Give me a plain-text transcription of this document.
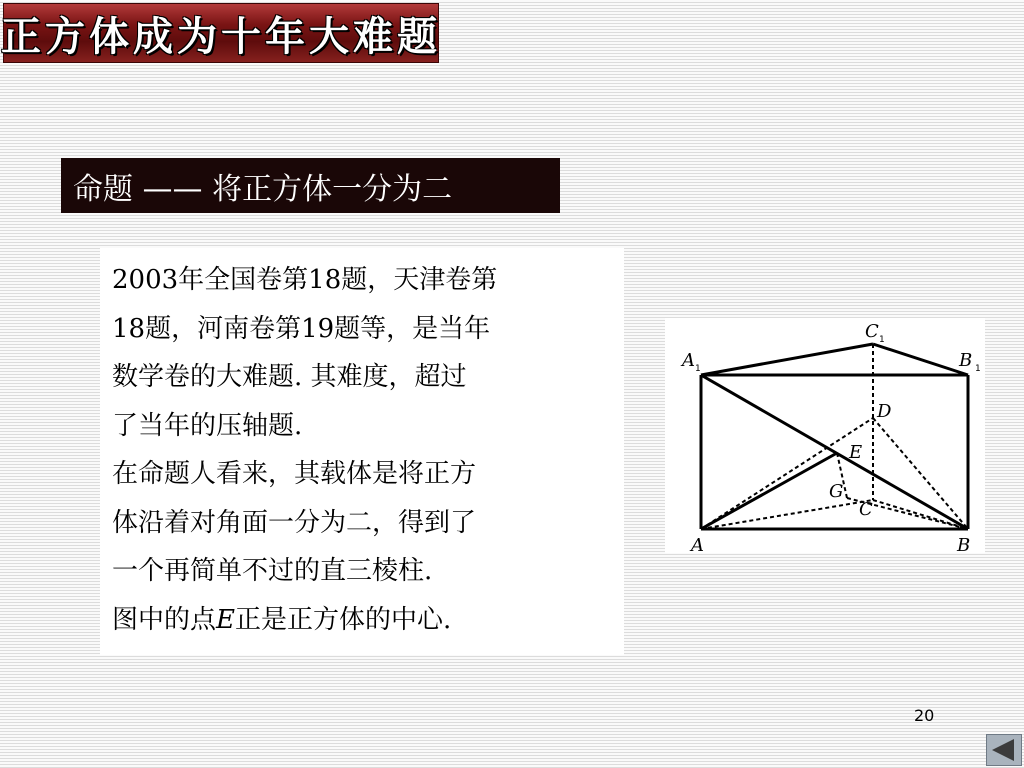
正方体成为十年大难题
命题 —— 将正方体一分为二

2003年全国卷第18题，天津卷第

18题，河南卷第19题等，是当年

数学卷的大难题. 其难度，超过

了当年的压轴题.

在命题人看来，其载体是将正方

体沿着对角面一分为二，得到了

一个再简单不过的直三棱柱.

图中的点E正是正方体的中心.

A	B
C
D
E
G
A	B
C
1	1
1
20
